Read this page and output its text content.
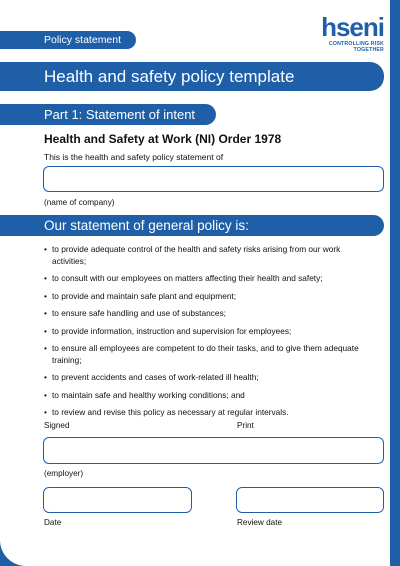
Policy statement	hseni
CONTROLLING RISK TOGETHER
Health and safety policy template
Part 1: Statement of intent
Health and Safety at Work (NI) Order 1978
This is the health and safety policy statement of
(name of company)
Our statement of general policy is:
• to provide adequate control of the health and safety risks arising from our work activities;
• to consult with our employees on matters affecting their health and safety;
• to provide and maintain safe plant and equipment;
• to ensure safe handling and use of substances;
• to provide information, instruction and supervision for employees;
• to ensure all employees are competent to do their tasks, and to give them adequate training;
• to prevent accidents and cases of work-related ill health;
• to maintain safe and healthy working conditions; and
• to review and revise this policy as necessary at regular intervals.
Signed	Print
(employer)
Date	Review date
